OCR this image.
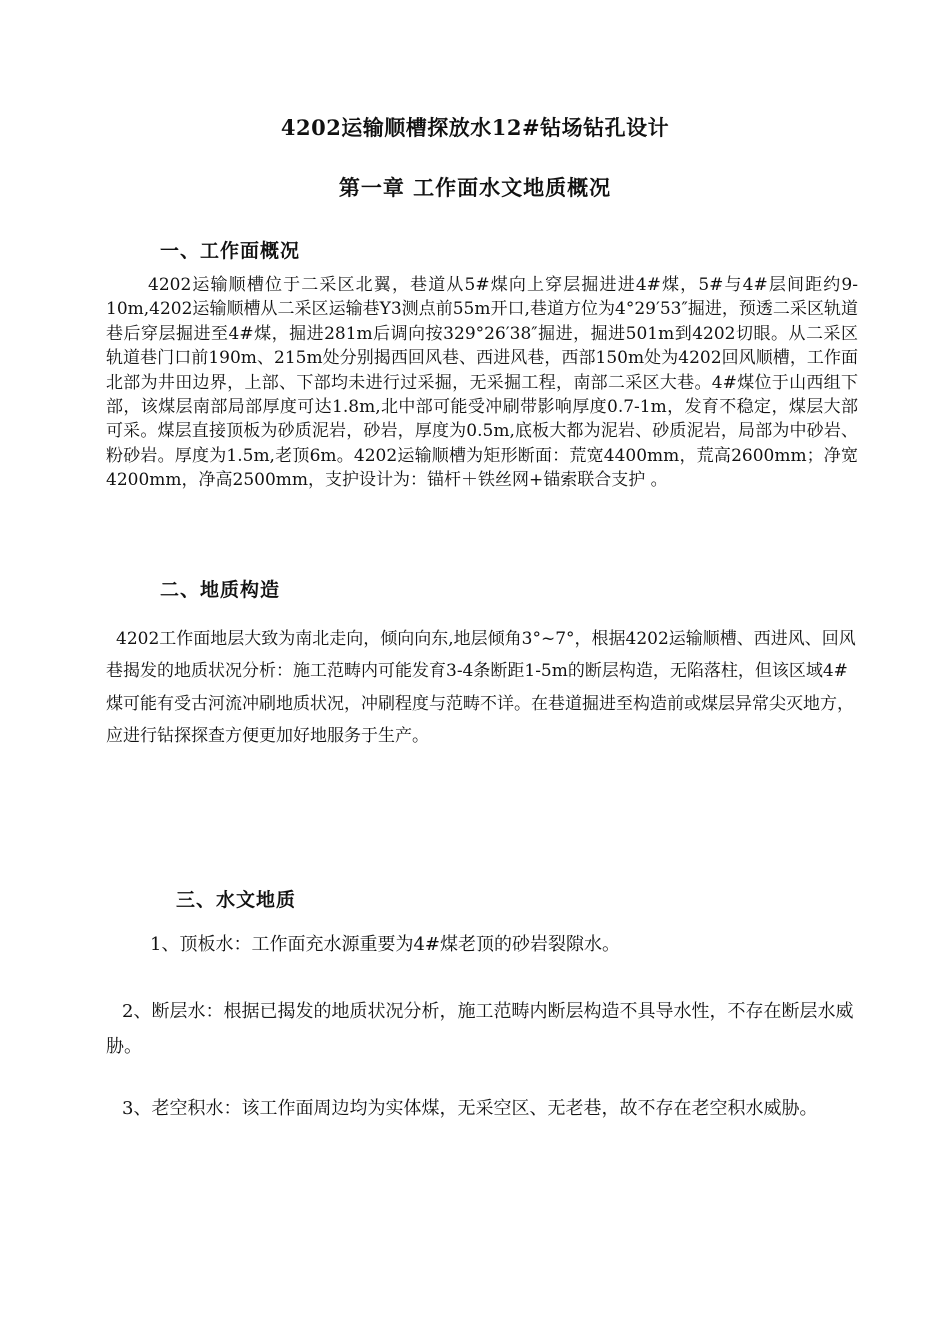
4202运输顺槽探放水12#钻场钻孔设计
第一章 工作面水文地质概况
一、工作面概况
4202运输顺槽位于二采区北翼，巷道从5#煤向上穿层掘进进4#煤，5#与4#层间距约9-10m,4202运输顺槽从二采区运输巷Y3测点前55m开口,巷道方位为4°29′53″掘进，预透二采区轨道巷后穿层掘进至4#煤，掘进281m后调向按329°26′38″掘进，掘进501m到4202切眼。从二采区轨道巷门口前190m、215m处分别揭西回风巷、西进风巷，西部150m处为4202回风顺槽，工作面北部为井田边界，上部、下部均未进行过采掘，无采掘工程，南部二采区大巷。4#煤位于山西组下部，该煤层南部局部厚度可达1.8m,北中部可能受冲刷带影响厚度0.7-1m，发育不稳定，煤层大部可采。煤层直接顶板为砂质泥岩，砂岩，厚度为0.5m,底板大都为泥岩、砂质泥岩，局部为中砂岩、粉砂岩。厚度为1.5m,老顶6m。4202运输顺槽为矩形断面：荒宽4400mm，荒高2600mm；净宽4200mm，净高2500mm，支护设计为：锚杆＋铁丝网+锚索联合支护 。
二、地质构造
4202工作面地层大致为南北走向，倾向向东,地层倾角3°~7°，根据4202运输顺槽、西进风、回风巷揭发的地质状况分析：施工范畴内可能发育3-4条断距1-5m的断层构造，无陷落柱，但该区域4#煤可能有受古河流冲刷地质状况，冲刷程度与范畴不详。在巷道掘进至构造前或煤层异常尖灭地方，应进行钻探探查方便更加好地服务于生产。
三、水文地质
1、顶板水：工作面充水源重要为4#煤老顶的砂岩裂隙水。
2、断层水：根据已揭发的地质状况分析，施工范畴内断层构造不具导水性，不存在断层水威胁。
3、老空积水：该工作面周边均为实体煤，无采空区、无老巷，故不存在老空积水威胁。
